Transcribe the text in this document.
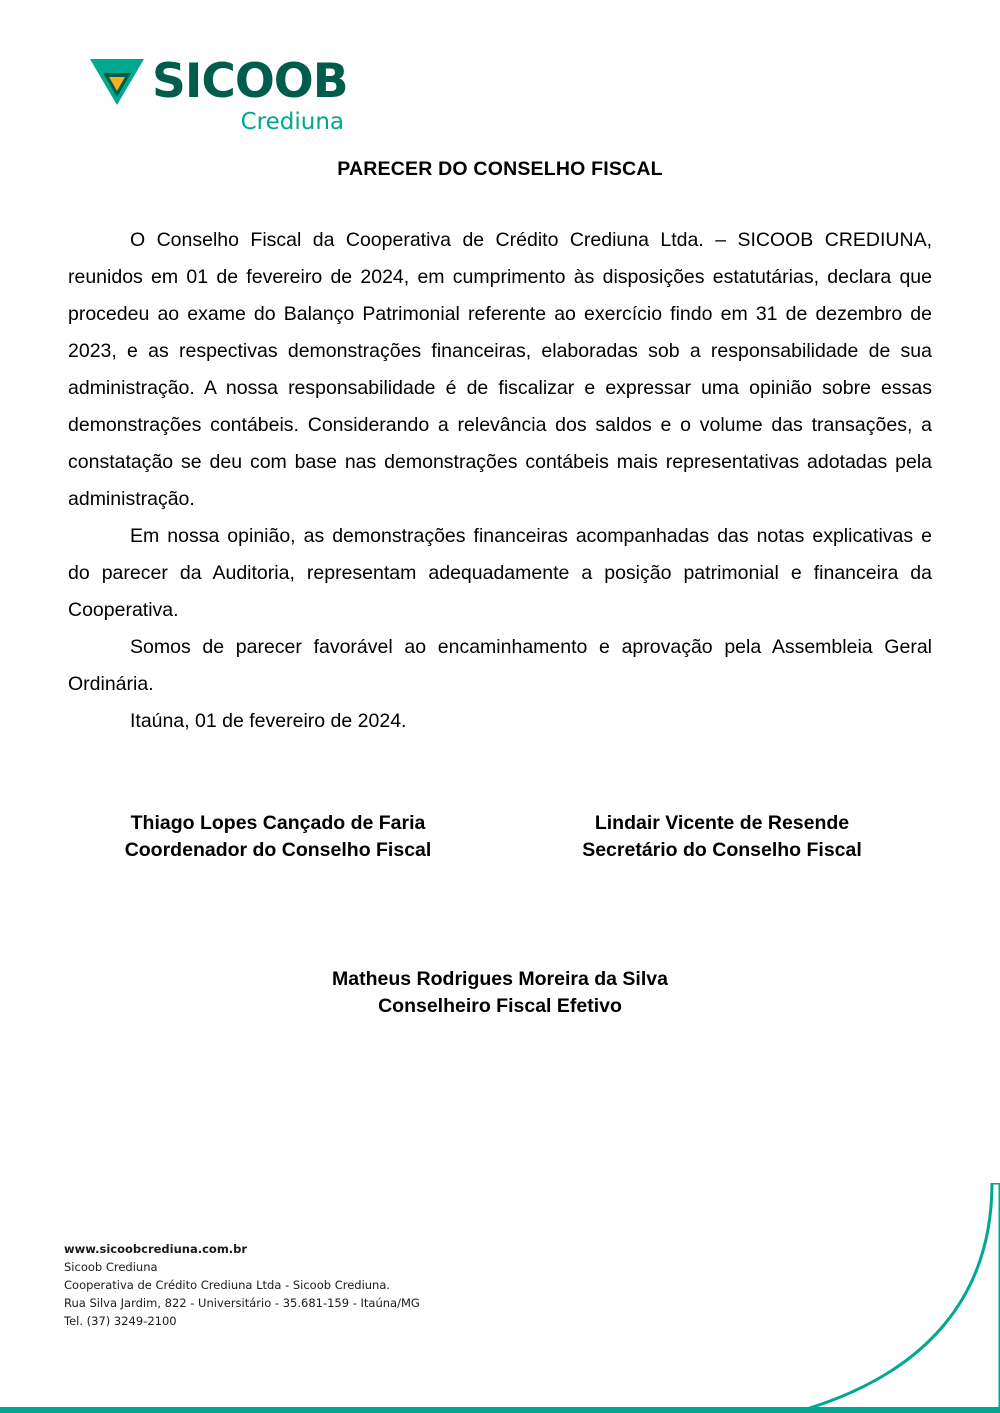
SICOOB
Crediuna
PARECER DO CONSELHO FISCAL

O Conselho Fiscal da Cooperativa de Crédito Crediuna Ltda. – SICOOB CREDIUNA, reunidos em 01 de fevereiro de 2024, em cumprimento às disposições estatutárias, declara que procedeu ao exame do Balanço Patrimonial referente ao exercício findo em 31 de dezembro de 2023, e as respectivas demonstrações financeiras, elaboradas sob a responsabilidade de sua administração. A nossa responsabilidade é de fiscalizar e expressar uma opinião sobre essas demonstrações contábeis. Considerando a relevância dos saldos e o volume das transações, a constatação se deu com base nas demonstrações contábeis mais representativas adotadas pela administração.

Em nossa opinião, as demonstrações financeiras acompanhadas das notas explicativas e do parecer da Auditoria, representam adequadamente a posição patrimonial e financeira da Cooperativa.

Somos de parecer favorável ao encaminhamento e aprovação pela Assembleia Geral Ordinária.

Itaúna, 01 de fevereiro de 2024.

Thiago Lopes Cançado de Faria
Coordenador do Conselho Fiscal
Lindair Vicente de Resende
Secretário do Conselho Fiscal
Matheus Rodrigues Moreira da Silva
Conselheiro Fiscal Efetivo
www.sicoobcrediuna.com.br
Sicoob Crediuna
Cooperativa de Crédito Crediuna Ltda - Sicoob Crediuna.
Rua Silva Jardim, 822 - Universitário - 35.681-159 - Itaúna/MG
Tel. (37) 3249-2100
